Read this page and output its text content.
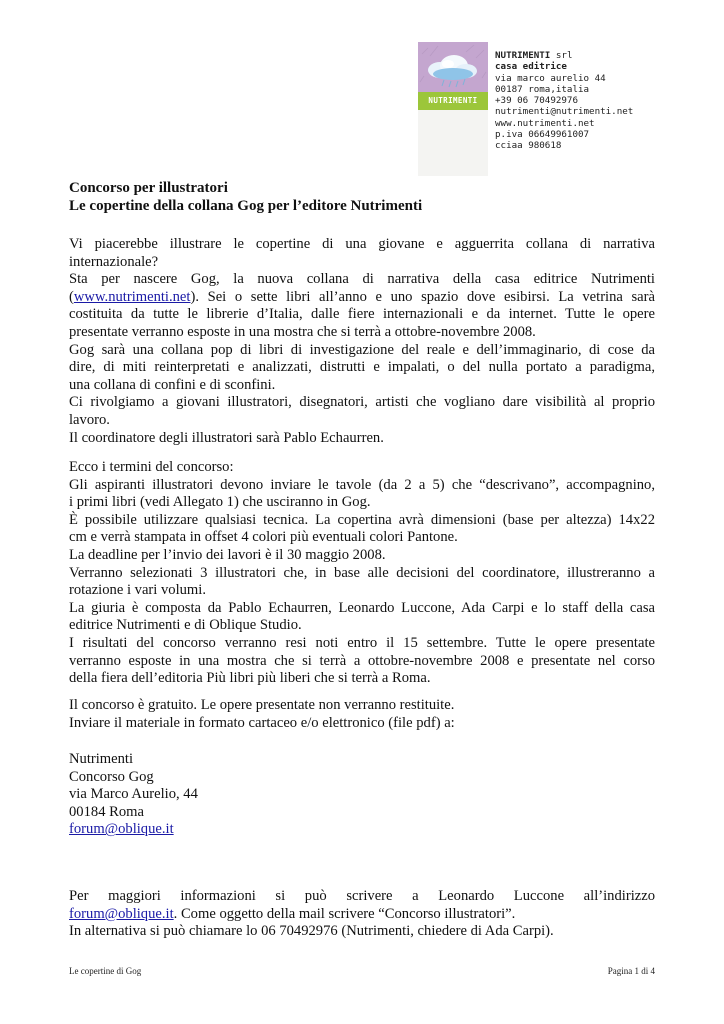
NUTRIMENTI
NUTRIMENTI srl
casa editrice
via marco aurelio 44
00187 roma,italia
+39 06 70492976
nutrimenti@nutrimenti.net
www.nutrimenti.net
p.iva 06649961007
cciaa 980618
Concorso per illustratori
Le copertine della collana Gog per l’editore Nutrimenti
Vi piacerebbe illustrare le copertine di una giovane e agguerrita collana di narrativa
internazionale?
Sta per nascere Gog, la nuova collana di narrativa della casa editrice Nutrimenti
(www.nutrimenti.net). Sei o sette libri all’anno e uno spazio dove esibirsi. La vetrina sarà
costituita da tutte le librerie d’Italia, dalle fiere internazionali e da internet. Tutte le opere
presentate verranno esposte in una mostra che si terrà a ottobre-novembre 2008.
Gog sarà una collana pop di libri di investigazione del reale e dell’immaginario, di cose da
dire, di miti reinterpretati e analizzati, distrutti e impalati, o del nulla portato a paradigma,
una collana di confini e di sconfini.
Ci rivolgiamo a giovani illustratori, disegnatori, artisti che vogliano dare visibilità al proprio
lavoro.
Il coordinatore degli illustratori sarà Pablo Echaurren.
Ecco i termini del concorso:
Gli aspiranti illustratori devono inviare le tavole (da 2 a 5) che “descrivano”, accompagnino,
i primi libri (vedi Allegato 1) che usciranno in Gog.
È possibile utilizzare qualsiasi tecnica. La copertina avrà dimensioni (base per altezza) 14x22
cm e verrà stampata in offset 4 colori più eventuali colori Pantone.
La deadline per l’invio dei lavori è il 30 maggio 2008.
Verranno selezionati 3 illustratori che, in base alle decisioni del coordinatore, illustreranno a
rotazione i vari volumi.
La giuria è composta da Pablo Echaurren, Leonardo Luccone, Ada Carpi e lo staff della casa
editrice Nutrimenti e di Oblique Studio.
I risultati del concorso verranno resi noti entro il 15 settembre. Tutte le opere presentate
verranno esposte in una mostra che si terrà a ottobre-novembre 2008 e presentate nel corso
della fiera dell’editoria Più libri più liberi che si terrà a Roma.
Il concorso è gratuito. Le opere presentate non verranno restituite.
Inviare il materiale in formato cartaceo e/o elettronico (file pdf) a:
Nutrimenti
Concorso Gog
via Marco Aurelio, 44
00184 Roma
forum@oblique.it
Per maggiori informazioni si può scrivere a Leonardo Luccone all’indirizzo
forum@oblique.it. Come oggetto della mail scrivere “Concorso illustratori”.
In alternativa si può chiamare lo 06 70492976 (Nutrimenti, chiedere di Ada Carpi).
Le copertine di Gog	Pagina 1 di 4
